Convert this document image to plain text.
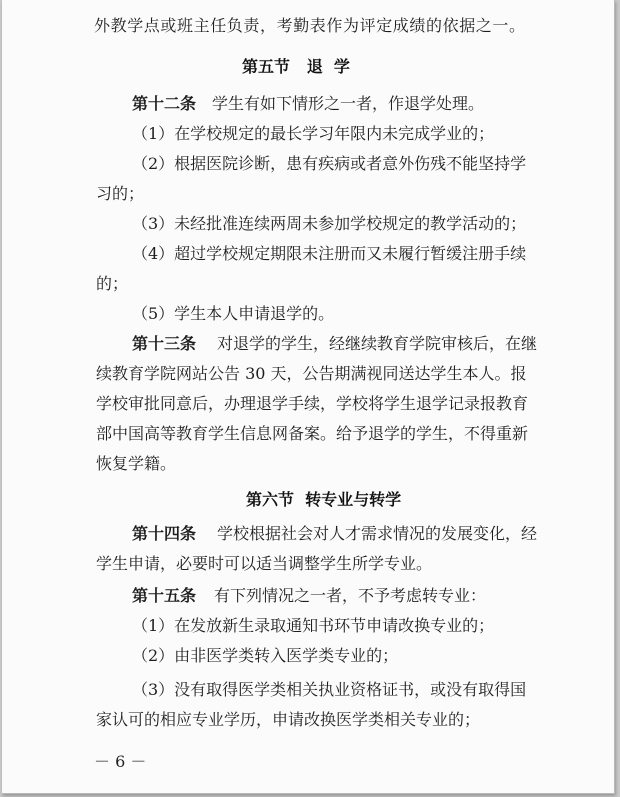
外教学点或班主任负责，考勤表作为评定成绩的依据之一。
第五节   退  学
第十二条 学生有如下情形之一者，作退学处理。
（1）在学校规定的最长学习年限内未完成学业的；
（2）根据医院诊断，患有疾病或者意外伤残不能坚持学
习的；
（3）未经批准连续两周未参加学校规定的教学活动的；
（4）超过学校规定期限未注册而又未履行暂缓注册手续
的；
（5）学生本人申请退学的。
第十三条 对退学的学生，经继续教育学院审核后，在继
续教育学院网站公告 30 天，公告期满视同送达学生本人。报
学校审批同意后，办理退学手续，学校将学生退学记录报教育
部中国高等教育学生信息网备案。给予退学的学生，不得重新
恢复学籍。
第六节  转专业与转学
第十四条 学校根据社会对人才需求情况的发展变化，经
学生申请，必要时可以适当调整学生所学专业。
第十五条 有下列情况之一者，不予考虑转专业：
（1）在发放新生录取通知书环节申请改换专业的；
（2）由非医学类转入医学类专业的；
（3）没有取得医学类相关执业资格证书，或没有取得国
家认可的相应专业学历，申请改换医学类相关专业的；
－ 6 －
